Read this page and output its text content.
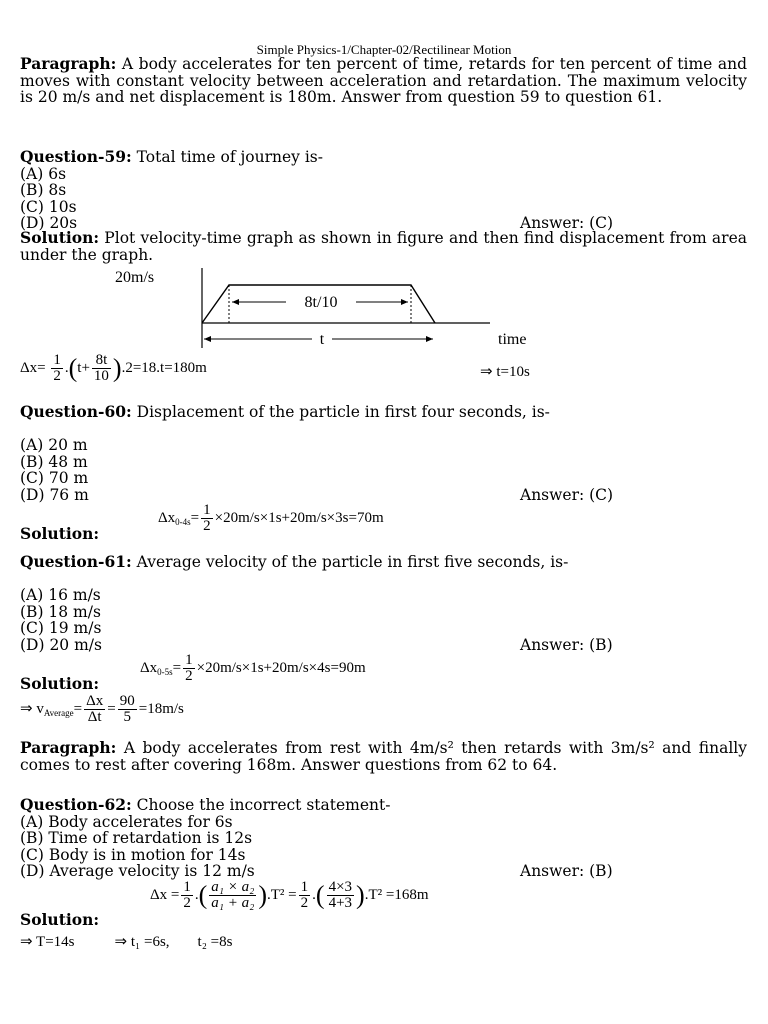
Simple Physics-1/Chapter-02/Rectilinear Motion
Paragraph: A body accelerates for ten percent of time, retards for ten percent of time and moves with constant velocity between acceleration and retardation. The maximum velocity is 20 m/s and net displacement is 180m. Answer from question 59 to question 61.
Question-59: Total time of journey is-
(A) 6s
(B) 8s
(C) 10s
(D) 20s	Answer: (C)
Solution: Plot velocity-time graph as shown in figure and then find displacement from area under the graph.
8t/10
t	time
20m/s
$\Delta x= \frac{1}{2} .(t+ \frac{8t}{10} ).2=18.t=180m$	⇒ t=10s
Question-60: Displacement of the particle in first four seconds, is-
(A) 20 m
(B) 48 m
(C) 70 m
(D) 76 m	Answer: (C)
Solution:
$\Delta x_{0-4s}= \frac{1}{2} \times 20m/s\times 1s+20m/s\times 3s=70m$
Question-61: Average velocity of the particle in first five seconds, is-
(A) 16 m/s
(B) 18 m/s
(C) 19 m/s
(D) 20 m/s	Answer: (B)
Solution:
$\Delta x_{0-5s}= \frac{1}{2} \times 20m/s\times 1s+20m/s\times 4s=90m$
⇒ $v_{Average}= \frac{\Delta x}{\Delta t} = \frac{90}{5} =18m/s$
Paragraph: A body accelerates from rest with 4m/s² then retards with 3m/s² and finally comes to rest after covering 168m. Answer questions from 62 to 64.
Question-62: Choose the incorrect statement-
(A) Body accelerates for 6s
(B) Time of retardation is 12s
(C) Body is in motion for 14s
(D) Average velocity is 12 m/s	Answer: (B)
Solution:
$\Delta x = \frac{1}{2}$ .( $\frac{\text{a₁ × a₂}}{\text{a₁ + a₂}} ).T^2 = \frac{1}{2}$ .( $\frac{4\times 3}{4+3} ).T^2 =168m$
⇒ T=14s	⇒ t₁ =6s, t₂ =8s
